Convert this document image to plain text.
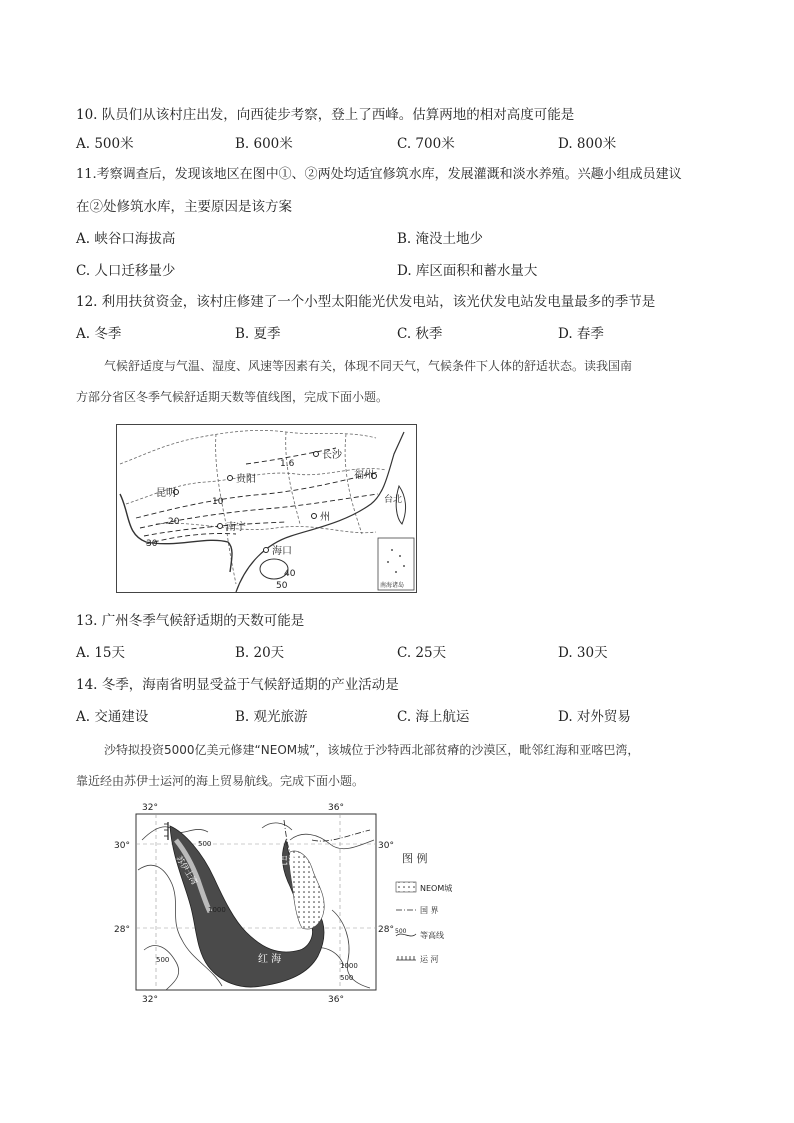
10. 队员们从该村庄出发，向西徒步考察，登上了西峰。估算两地的相对高度可能是
A. 500米	B. 600米	C. 700米	D. 800米
11.考察调查后，发现该地区在图中①、②两处均适宜修筑水库，发展灌溉和淡水养殖。兴趣小组成员建议
在②处修筑水库，主要原因是该方案
A. 峡谷口海拔高	B. 淹没土地少
C. 人口迁移量少	D. 库区面积和蓄水量大
12. 利用扶贫资金，该村庄修建了一个小型太阳能光伏发电站，该光伏发电站发电量最多的季节是
A. 冬季	B. 夏季	C. 秋季	D. 春季
气候舒适度与气温、湿度、风速等因素有关，体现不同天气，气候条件下人体的舒适状态。读我国南
方部分省区冬季气候舒适期天数等值线图，完成下面小题。
长沙
贵阳	福州
昆明
南宁
海口
州
1.6
10
20
30
40
50
台北
南海诸岛
13. 广州冬季气候舒适期的天数可能是
A. 15天	B. 20天	C. 25天	D. 30天
14. 冬季，海南省明显受益于气候舒适期的产业活动是
A. 交通建设	B. 观光旅游	C. 海上航运	D. 对外贸易
沙特拟投资5000亿美元修建“NEOM城”，该城位于沙特西北部贫瘠的沙漠区，毗邻红海和亚喀巴湾，
靠近经由苏伊士运河的海上贸易航线。完成下面小题。
32°	36°
32°	36°
30°
28°
30°
28°
亚喀巴湾
红 海
苏伊士湾
500
1000
500
1000
500
图 例
NEOM城
国 界
500 等高线
运 河
